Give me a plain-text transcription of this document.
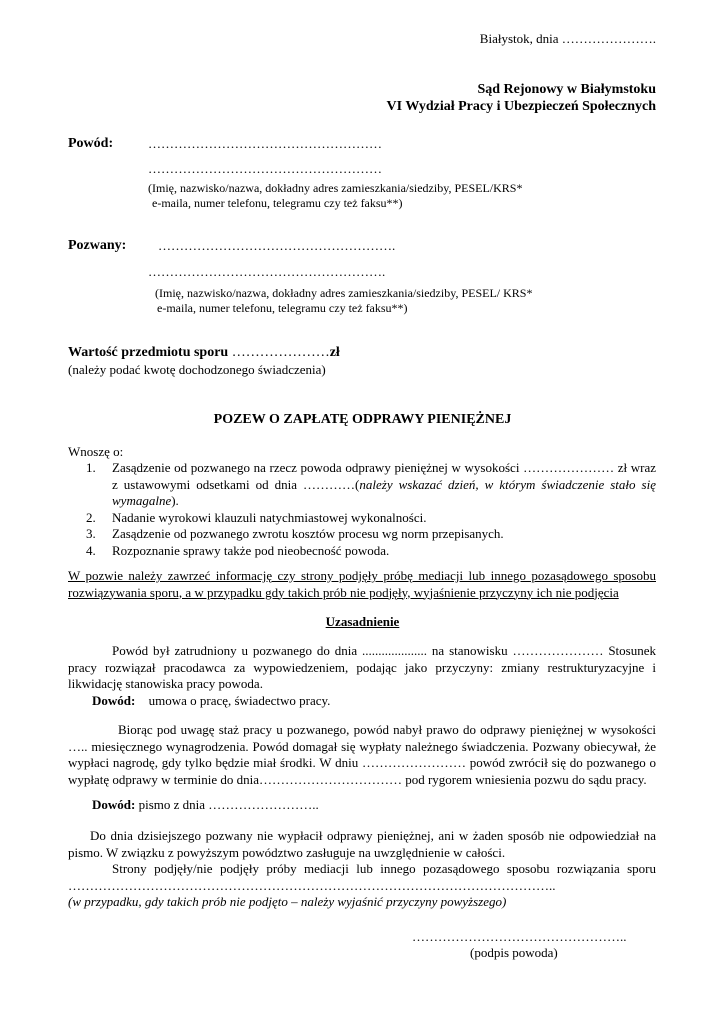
Białystok, dnia ………………….
Sąd Rejonowy w Białymstoku
VI Wydział Pracy i Ubezpieczeń Społecznych
Powód:	………………………………………………
………………………………………………
(Imię, nazwisko/nazwa, dokładny adres zamieszkania/siedziby, PESEL/KRS*
e-maila, numer telefonu, telegramu czy też faksu**)
Pozwany: ……………………………………………….
……………………………………………….
(Imię, nazwisko/nazwa, dokładny adres zamieszkania/siedziby, PESEL/ KRS*
e-maila, numer telefonu, telegramu czy też faksu**)
Wartość przedmiotu sporu …………………zł
(należy podać kwotę dochodzonego świadczenia)
POZEW O ZAPŁATĘ ODPRAWY PIENIĘŻNEJ
Wnoszę o:
1. Zasądzenie od pozwanego na rzecz powoda odprawy pieniężnej w wysokości ………………… zł wraz z ustawowymi odsetkami od dnia …………(należy wskazać dzień, w którym świadczenie stało się wymagalne).
2. Nadanie wyrokowi klauzuli natychmiastowej wykonalności.
3. Zasądzenie od pozwanego zwrotu kosztów procesu wg norm przepisanych.
4. Rozpoznanie sprawy także pod nieobecność powoda.
W pozwie należy zawrzeć informację czy strony podjęły próbę mediacji lub innego pozasądowego sposobu rozwiązywania sporu, a w przypadku gdy takich prób nie podjęły, wyjaśnienie przyczyny ich nie podjęcia
Uzasadnienie
Powód był zatrudniony u pozwanego do dnia .................... na stanowisku ………………… Stosunek pracy rozwiązał pracodawca za wypowiedzeniem, podając jako przyczyny: zmiany restrukturyzacyjne i likwidację stanowiska pracy powoda.
Dowód: umowa o pracę, świadectwo pracy.
Biorąc pod uwagę staż pracy u pozwanego, powód nabył prawo do odprawy pieniężnej w wysokości ….. miesięcznego wynagrodzenia. Powód domagał się wypłaty należnego świadczenia. Pozwany obiecywał, że wypłaci nagrodę, gdy tylko będzie miał środki. W dniu …………………… powód zwrócił się do pozwanego o wypłatę odprawy w terminie do dnia…………………………… pod rygorem wniesienia pozwu do sądu pracy.
Dowód: pismo z dnia ……………………..
Do dnia dzisiejszego pozwany nie wypłacił odprawy pieniężnej, ani w żaden sposób nie odpowiedział na pismo. W związku z powyższym powództwo zasługuje na uwzględnienie w całości.
Strony podjęły/nie podjęły próby mediacji lub innego pozasądowego sposobu rozwiązania sporu …………………………………………………………………………………………………..
(w przypadku, gdy takich prób nie podjęto – należy wyjaśnić przyczyny powyższego)
…………………………………………..
(podpis powoda)
